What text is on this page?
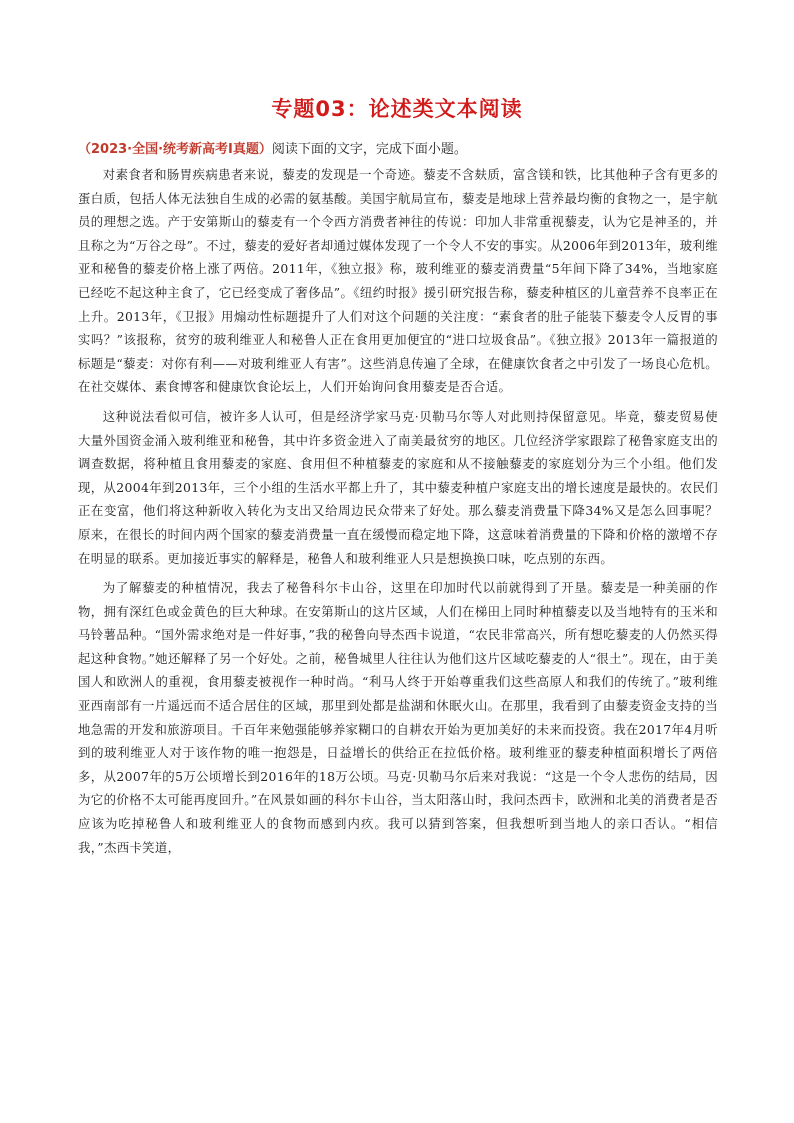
专题03：论述类文本阅读
（2023·全国·统考新高考I真题）阅读下面的文字，完成下面小题。

对素食者和肠胃疾病患者来说，藜麦的发现是一个奇迹。藜麦不含麸质，富含镁和铁，比其他种子含有更多的蛋白质，包括人体无法独自生成的必需的氨基酸。美国宇航局宣布，藜麦是地球上营养最均衡的食物之一，是宇航员的理想之选。产于安第斯山的藜麦有一个令西方消费者神往的传说：印加人非常重视藜麦，认为它是神圣的，并且称之为“万谷之母”。不过，藜麦的爱好者却通过媒体发现了一个令人不安的事实。从2006年到2013年，玻利维亚和秘鲁的藜麦价格上涨了两倍。2011年，《独立报》称，玻利维亚的藜麦消费量“5年间下降了34%，当地家庭已经吃不起这种主食了，它已经变成了奢侈品”。《纽约时报》援引研究报告称，藜麦种植区的儿童营养不良率正在上升。2013年，《卫报》用煽动性标题提升了人们对这个问题的关注度：“素食者的肚子能装下藜麦令人反胃的事实吗？”该报称，贫穷的玻利维亚人和秘鲁人正在食用更加便宜的“进口垃圾食品”。《独立报》2013年一篇报道的标题是“藜麦：对你有利——对玻利维亚人有害”。这些消息传遍了全球，在健康饮食者之中引发了一场良心危机。在社交媒体、素食博客和健康饮食论坛上，人们开始询问食用藜麦是否合适。

这种说法看似可信，被许多人认可，但是经济学家马克·贝勒马尔等人对此则持保留意见。毕竟，藜麦贸易使大量外国资金涌入玻利维亚和秘鲁，其中许多资金进入了南美最贫穷的地区。几位经济学家跟踪了秘鲁家庭支出的调查数据，将种植且食用藜麦的家庭、食用但不种植藜麦的家庭和从不接触藜麦的家庭划分为三个小组。他们发现，从2004年到2013年，三个小组的生活水平都上升了，其中藜麦种植户家庭支出的增长速度是最快的。农民们正在变富，他们将这种新收入转化为支出又给周边民众带来了好处。那么藜麦消费量下降34%又是怎么回事呢？原来，在很长的时间内两个国家的藜麦消费量一直在缓慢而稳定地下降，这意味着消费量的下降和价格的激增不存在明显的联系。更加接近事实的解释是，秘鲁人和玻利维亚人只是想换换口味，吃点别的东西。

为了解藜麦的种植情况，我去了秘鲁科尔卡山谷，这里在印加时代以前就得到了开垦。藜麦是一种美丽的作物，拥有深红色或金黄色的巨大种球。在安第斯山的这片区域，人们在梯田上同时种植藜麦以及当地特有的玉米和马铃薯品种。“国外需求绝对是一件好事，”我的秘鲁向导杰西卡说道，“农民非常高兴，所有想吃藜麦的人仍然买得起这种食物。”她还解释了另一个好处。之前，秘鲁城里人往往认为他们这片区域吃藜麦的人“很土”。现在，由于美国人和欧洲人的重视，食用藜麦被视作一种时尚。“利马人终于开始尊重我们这些高原人和我们的传统了。”玻利维亚西南部有一片遥远而不适合居住的区域，那里到处都是盐湖和休眠火山。在那里，我看到了由藜麦资金支持的当地急需的开发和旅游项目。千百年来勉强能够养家糊口的自耕农开始为更加美好的未来而投资。我在2017年4月听到的玻利维亚人对于该作物的唯一抱怨是，日益增长的供给正在拉低价格。玻利维亚的藜麦种植面积增长了两倍多，从2007年的5万公顷增长到2016年的18万公顷。马克·贝勒马尔后来对我说：“这是一个令人悲伤的结局，因为它的价格不太可能再度回升。”在风景如画的科尔卡山谷，当太阳落山时，我问杰西卡，欧洲和北美的消费者是否应该为吃掉秘鲁人和玻利维亚人的食物而感到内疚。我可以猜到答案，但我想听到当地人的亲口否认。“相信我，”杰西卡笑道，
